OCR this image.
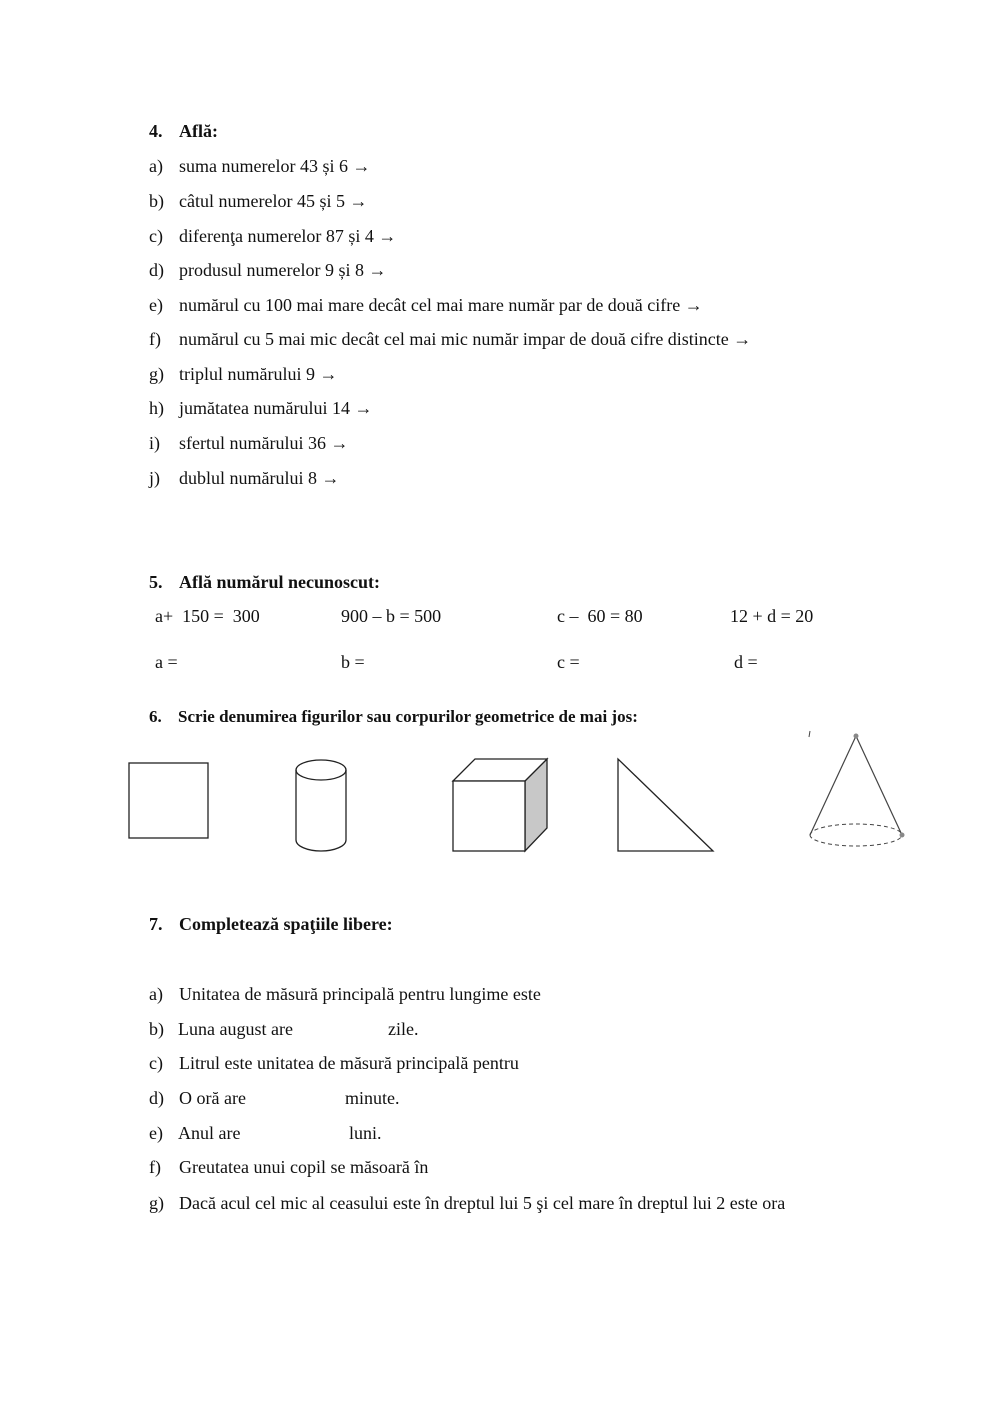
4. Află:
a) suma numerelor 43 și 6 →
b) câtul numerelor 45 și 5 →
c) diferenţa numerelor 87 și 4 →
d) produsul numerelor 9 și 8 →
e) numărul cu 100 mai mare decât cel mai mare număr par de două cifre →
f) numărul cu 5 mai mic decât cel mai mic număr impar de două cifre distincte →
g) triplul numărului 9 →
h) jumătatea numărului 14 →
i) sfertul numărului 36 →
j) dublul numărului 8 →
5. Află numărul necunoscut:
a+  150 =  300	900 – b = 500	c –  60 = 80	12 + d = 20
a =	b =	c =	d =
6. Scrie denumirea figurilor sau corpurilor geometrice de mai jos:
7. Completează spaţiile libere:
a) Unitatea de măsură principală pentru lungime este
b) Luna august are	zile.
c) Litrul este unitatea de măsură principală pentru
d) O oră are	minute.
e) Anul are	luni.
f) Greutatea unui copil se măsoară în
g) Dacă acul cel mic al ceasului este în dreptul lui 5 şi cel mare în dreptul lui 2 este ora
